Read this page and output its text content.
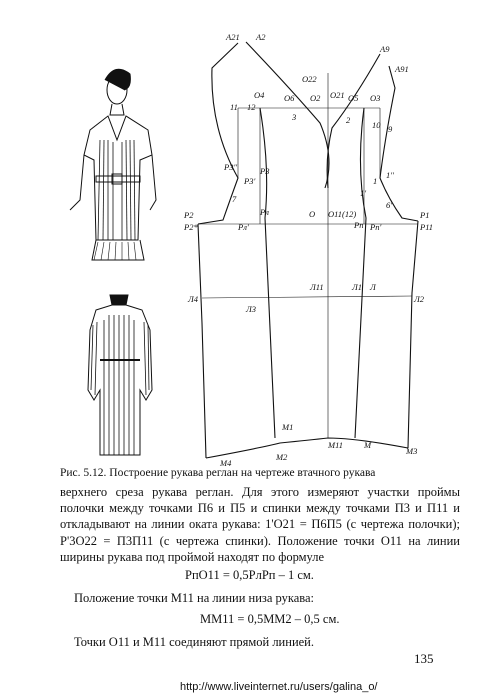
A21 A2
A9
A91
O22
O4 O6 O2 O21 O5 O3
11 12
3	2	10 9
P3''	P3
P3'
1''
1
1'
7
6'
P2
P2*
Pл	O O11(12)
Pп
P1
P11
Pл'	Pп'
Л4
Л11	Л1 Л
Л2
Л3
M1
M11 M
M3
M4
M2
Рис. 5.12. Построение рукава реглан на чертеже втачного рукава
верхнего среза рукава реглан. Для этого измеряют участки проймы полочки между точками П6 и П5 и спинки между точками П3 и П11 и откладывают на линии оката рукава: 1'O21 = П6П5 (с чертежа полочки); P'3O22 = П3П11 (с чертежа спинки). Положение точки O11 на линии ширины рукава под проймой находят по формуле
PпO11 = 0,5PлPп – 1 см.
Положение точки M11 на линии низа рукава:
MM11 = 0,5MM2 – 0,5 см.
Точки O11 и M11 соединяют прямой линией.
135
http://www.liveinternet.ru/users/galina_o/
